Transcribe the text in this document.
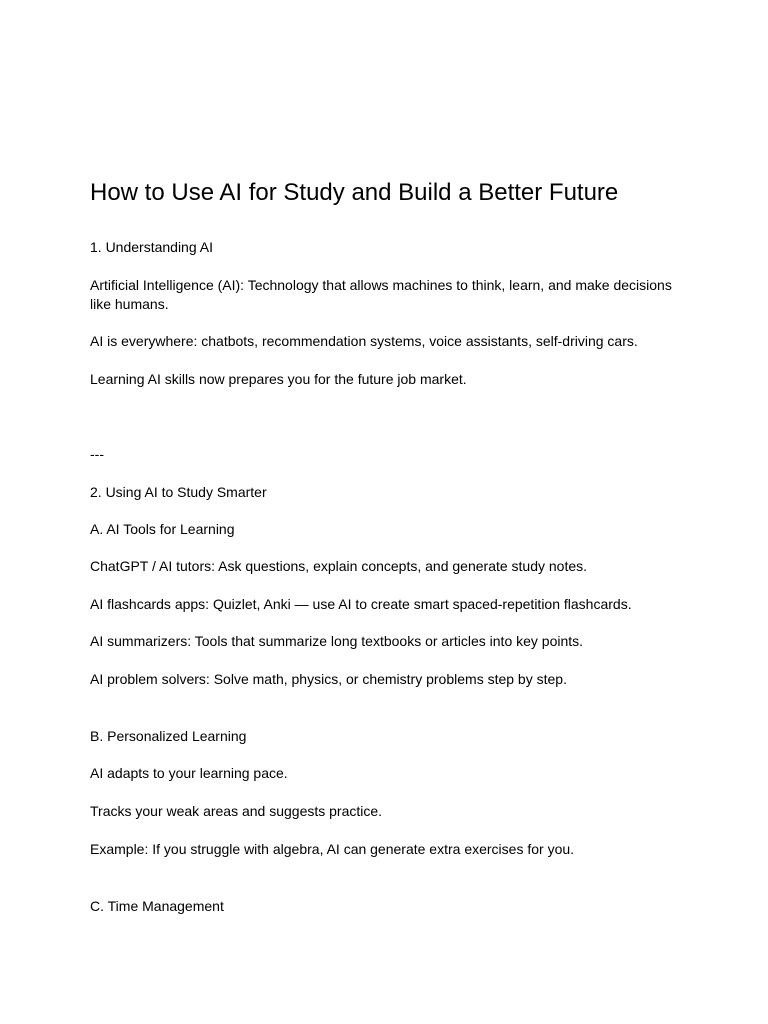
How to Use AI for Study and Build a Better Future

1. Understanding AI

Artificial Intelligence (AI): Technology that allows machines to think, learn, and make decisions like humans.

AI is everywhere: chatbots, recommendation systems, voice assistants, self-driving cars.

Learning AI skills now prepares you for the future job market.

---

2. Using AI to Study Smarter

A. AI Tools for Learning

ChatGPT / AI tutors: Ask questions, explain concepts, and generate study notes.

AI flashcards apps: Quizlet, Anki — use AI to create smart spaced-repetition flashcards.

AI summarizers: Tools that summarize long textbooks or articles into key points.

AI problem solvers: Solve math, physics, or chemistry problems step by step.

B. Personalized Learning

AI adapts to your learning pace.

Tracks your weak areas and suggests practice.

Example: If you struggle with algebra, AI can generate extra exercises for you.

C. Time Management
